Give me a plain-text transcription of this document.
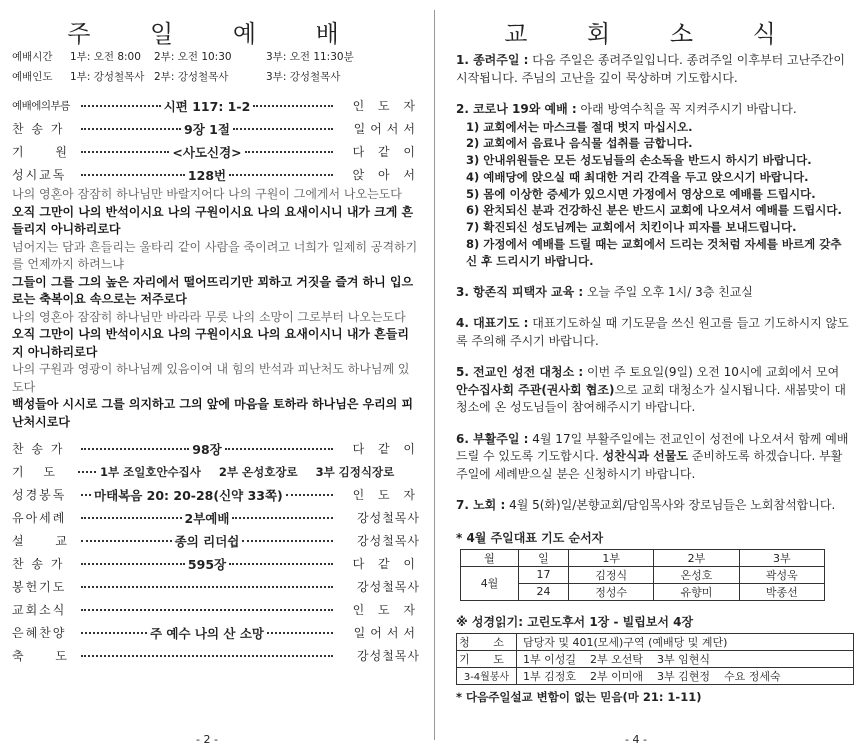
주 일 예 배
예배시간	1부: 오전 8:00	2부: 오전 10:30	3부: 오전 11:30분
예배인도	1부: 강성철목사 2부: 강성철목사	3부: 강성철목사
예배에의부름	시편 117: 1-2	인 도 자
찬 송 가	9장 1절	일어서서
기 원	<사도신경>	다 같 이
성시교독	128번	앉 아 서

나의 영혼아 잠잠히 하나님만 바랄지어다 나의 구원이 그에게서 나오는도다

오직 그만이 나의 반석이시요 나의 구원이시요 나의 요새이시니 내가 크게 흔들리지 아니하리로다

넘어지는 담과 흔들리는 울타리 같이 사람을 죽이려고 너희가 일제히 공격하기를 언제까지 하려느냐

그들이 그를 그의 높은 자리에서 떨어뜨리기만 꾀하고 거짓을 즐겨 하니 입으로는 축복이요 속으로는 저주로다

나의 영혼아 잠잠히 하나님만 바라라 무릇 나의 소망이 그로부터 나오는도다

오직 그만이 나의 반석이시요 나의 구원이시요 나의 요새이시니 내가 흔들리지 아니하리로다

나의 구원과 영광이 하나님께 있음이여 내 힘의 반석과 피난처도 하나님께 있도다

백성들아 시시로 그를 의지하고 그의 앞에 마음을 토하라 하나님은 우리의 피난처시로다

찬 송 가	98장	다 같 이
기 도	1부 조일호안수집사 2부 온성호장로 3부 김정식장로
성경봉독	마태복음 20: 20-28(신약 33쪽)	인 도 자
유아세례	2부예배	강성철목사
설 교	종의 리더쉽	강성철목사
찬 송 가	595장	다 같 이
봉헌기도	강성철목사
교회소식	인 도 자
은혜찬양	주 예수 나의 산 소망	일어서서
축 도	강성철목사
- 2 -
교 회 소 식
1. 종려주일 : 다음 주일은 종려주일입니다. 종려주일 이후부터 고난주간이 시작됩니다. 주님의 고난을 깊이 묵상하며 기도합시다.
2. 코로나 19와 예배 : 아래 방역수칙을 꼭 지켜주시기 바랍니다.
1) 교회에서는 마스크를 절대 벗지 마십시오.
2) 교회에서 음료나 음식물 섭취를 금합니다.
3) 안내위원들은 모든 성도님들의 손소독을 반드시 하시기 바랍니다.
4) 예배당에 앉으실 때 최대한 거리 간격을 두고 앉으시기 바랍니다.
5) 몸에 이상한 증세가 있으시면 가정에서 영상으로 예배를 드립시다.
6) 완치되신 분과 건강하신 분은 반드시 교회에 나오셔서 예배를 드립시다.
7) 확진되신 성도님께는 교회에서 치킨이나 피자를 보내드립니다.
8) 가정에서 예배를 드릴 때는 교회에서 드리는 것처럼 자세를 바르게 갖추신 후 드리시기 바랍니다.
3. 항존직 피택자 교육 : 오늘 주일 오후 1시/ 3층 친교실
4. 대표기도 : 대표기도하실 때 기도문을 쓰신 원고를 들고 기도하시지 않도록 주의해 주시기 바랍니다.
5. 전교인 성전 대청소 : 이번 주 토요일(9일) 오전 10시에 교회에서 모여 안수집사회 주관(권사회 협조)으로 교회 대청소가 실시됩니다. 새봄맞이 대청소에 온 성도님들이 참여해주시기 바랍니다.
6. 부활주일 : 4월 17일 부활주일에는 전교인이 성전에 나오셔서 함께 예배드릴 수 있도록 기도합시다. 성찬식과 선물도 준비하도록 하겠습니다. 부활주일에 세례받으실 분은 신청하시기 바랍니다.
7. 노회 : 4월 5(화)일/본향교회/담임목사와 장로님들은 노회참석합니다.
* 4월 주일대표 기도 순서자
월	일	1부	2부	3부
4월	17	김정식	온성호	곽성욱
	24	정성수	유향미	박종선
※ 성경읽기: 고린도후서 1장 - 빌립보서 4장
청 소	담당자 및 401(모세)구역 (예배당 및 계단)
기 도	1부 이성길    2부 오선탁    3부 임현식
3-4월봉사	1부 김정호    2부 이미애    3부 김현정    수요 정세숙
* 다음주일설교 변함이 없는 믿음(마 21: 1-11)
- 4 -
